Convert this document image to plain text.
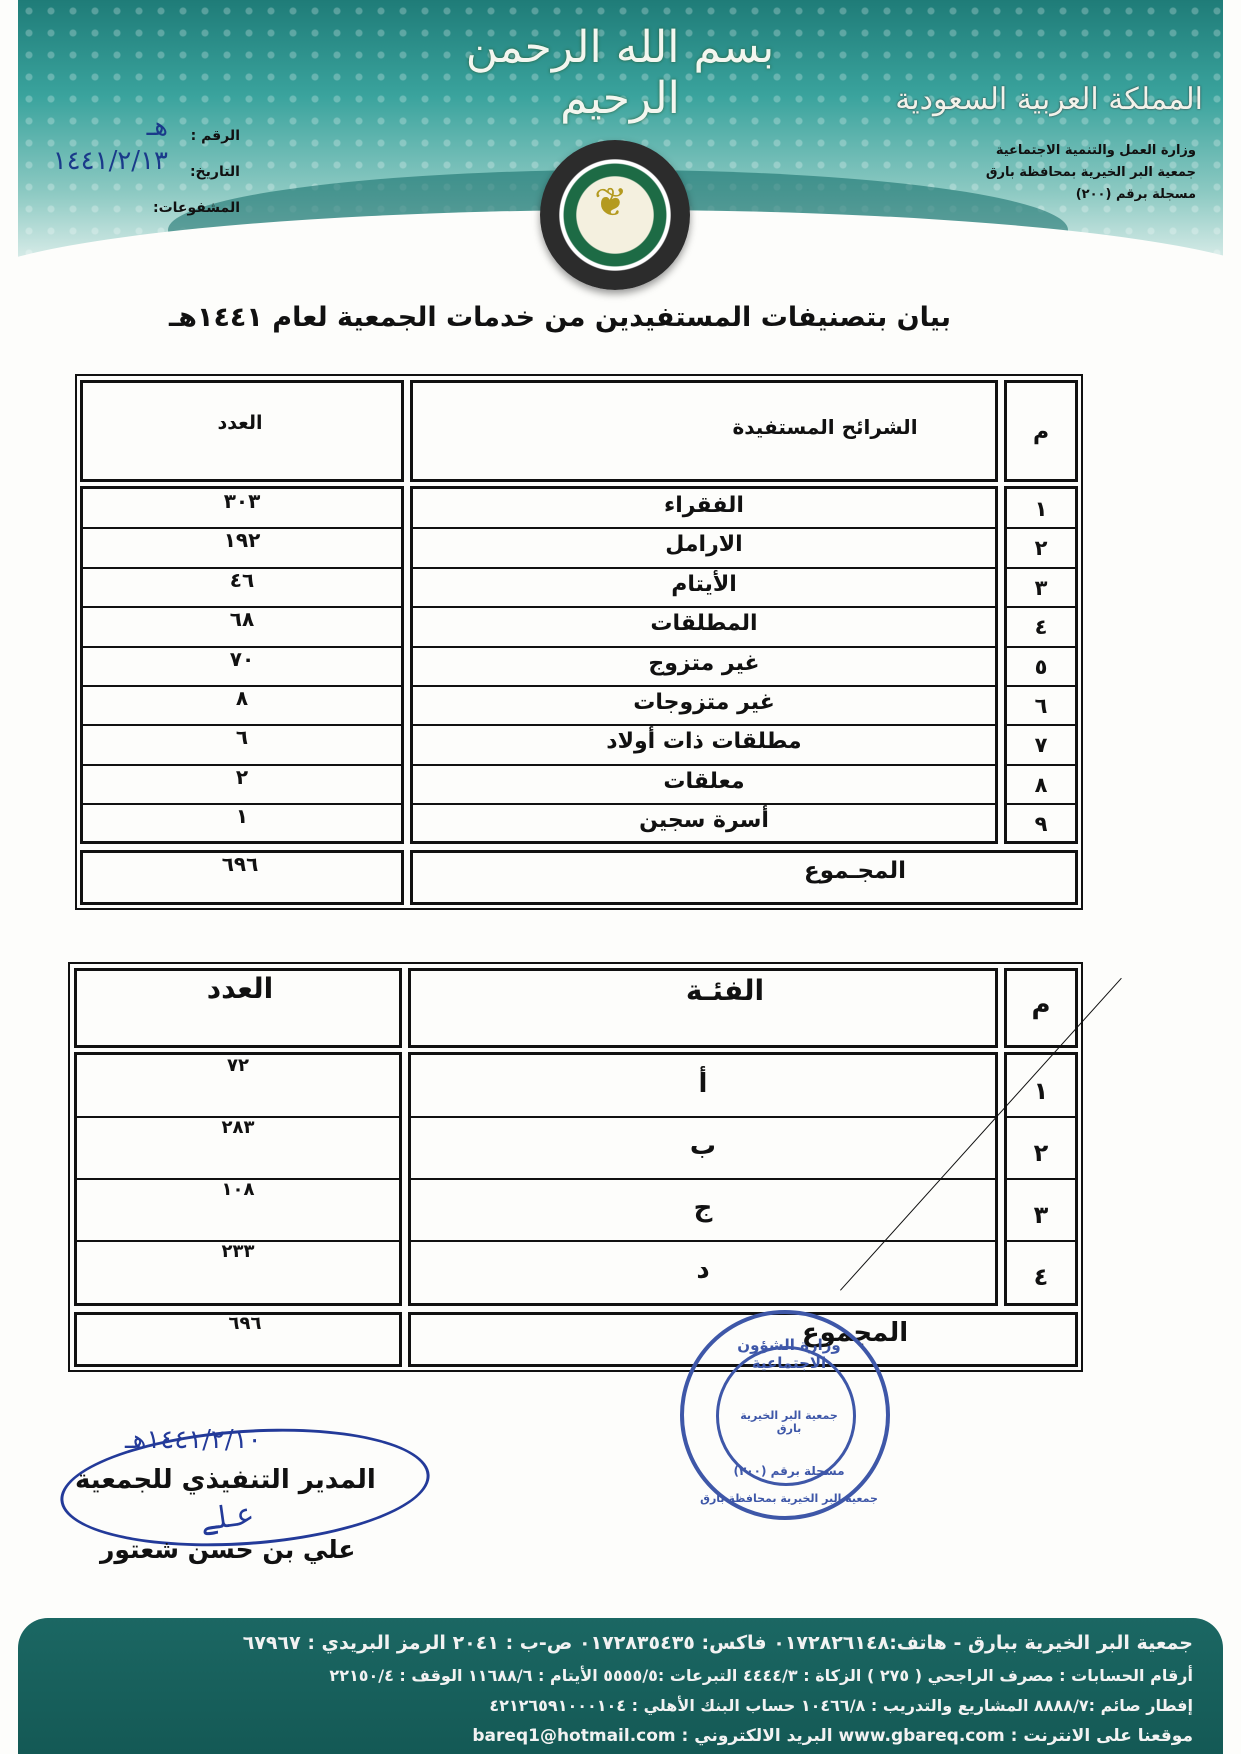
بسم الله الرحمن الرحيم	المملكة العربية السعودية
وزارة العمل والتنمية الاجتماعية
جمعية البر الخيرية بمحافظة بارق
مسجلة برقم (٢٠٠)
الرقم :
التاريخ:
المشفوعات:
هـ
١٤٤١/٢/١٣
❦
بيان بتصنيفات المستفيدين من خدمات الجمعية لعام ١٤٤١هـ
م
الشرائح المستفيدة
العدد
١
الفقراء
٣٠٣
٢
الارامل
١٩٢
٣
الأيتام
٤٦
٤
المطلقات
٦٨
٥
غير متزوج
٧٠
٦
غير متزوجات
٨
٧
مطلقات ذات أولاد
٦
٨
معلقات
٢
٩
أسرة سجين
١
المجـموع
٦٩٦
م
الفئـة
العدد
١
أ
٧٢
٢
ب
٢٨٣
٣
ج
١٠٨
٤
د
٢٣٣
المجموع
٦٩٦
وزارة الشؤون الاجتماعية
جمعية البر الخيرية بارق
مسجلة برقم (٢٠٠)
جمعية البر الخيرية بمحافظة بارق
١٤٤١/٢/١٠هـ
المدير التنفيذي للجمعية
ع‍ـلے
علي بن حسن شعتور
جمعية البر الخيرية ببارق - هاتف:٠١٧٢٨٢٦١٤٨ فاكس: ٠١٧٢٨٣٥٤٣٥ ص-ب : ٢٠٤١ الرمز البريدي : ٦٧٩٦٧
أرقام الحسابات : مصرف الراجحي ( ٢٧٥ ) الزكاة : ٤٤٤٤/٣ التبرعات :٥٥٥٥/٥ الأيتام : ١١٦٨٨/٦ الوقف : ٢٢١٥٠/٤
إفطار صائم :٨٨٨٨/٧ المشاريع والتدريب : ١٠٤٦٦/٨ حساب البنك الأهلي : ٤٢١٢٦٥٩١٠٠٠١٠٤
موقعنا على الانترنت : www.gbareq.com البريد الالكتروني : bareq1@hotmail.com
